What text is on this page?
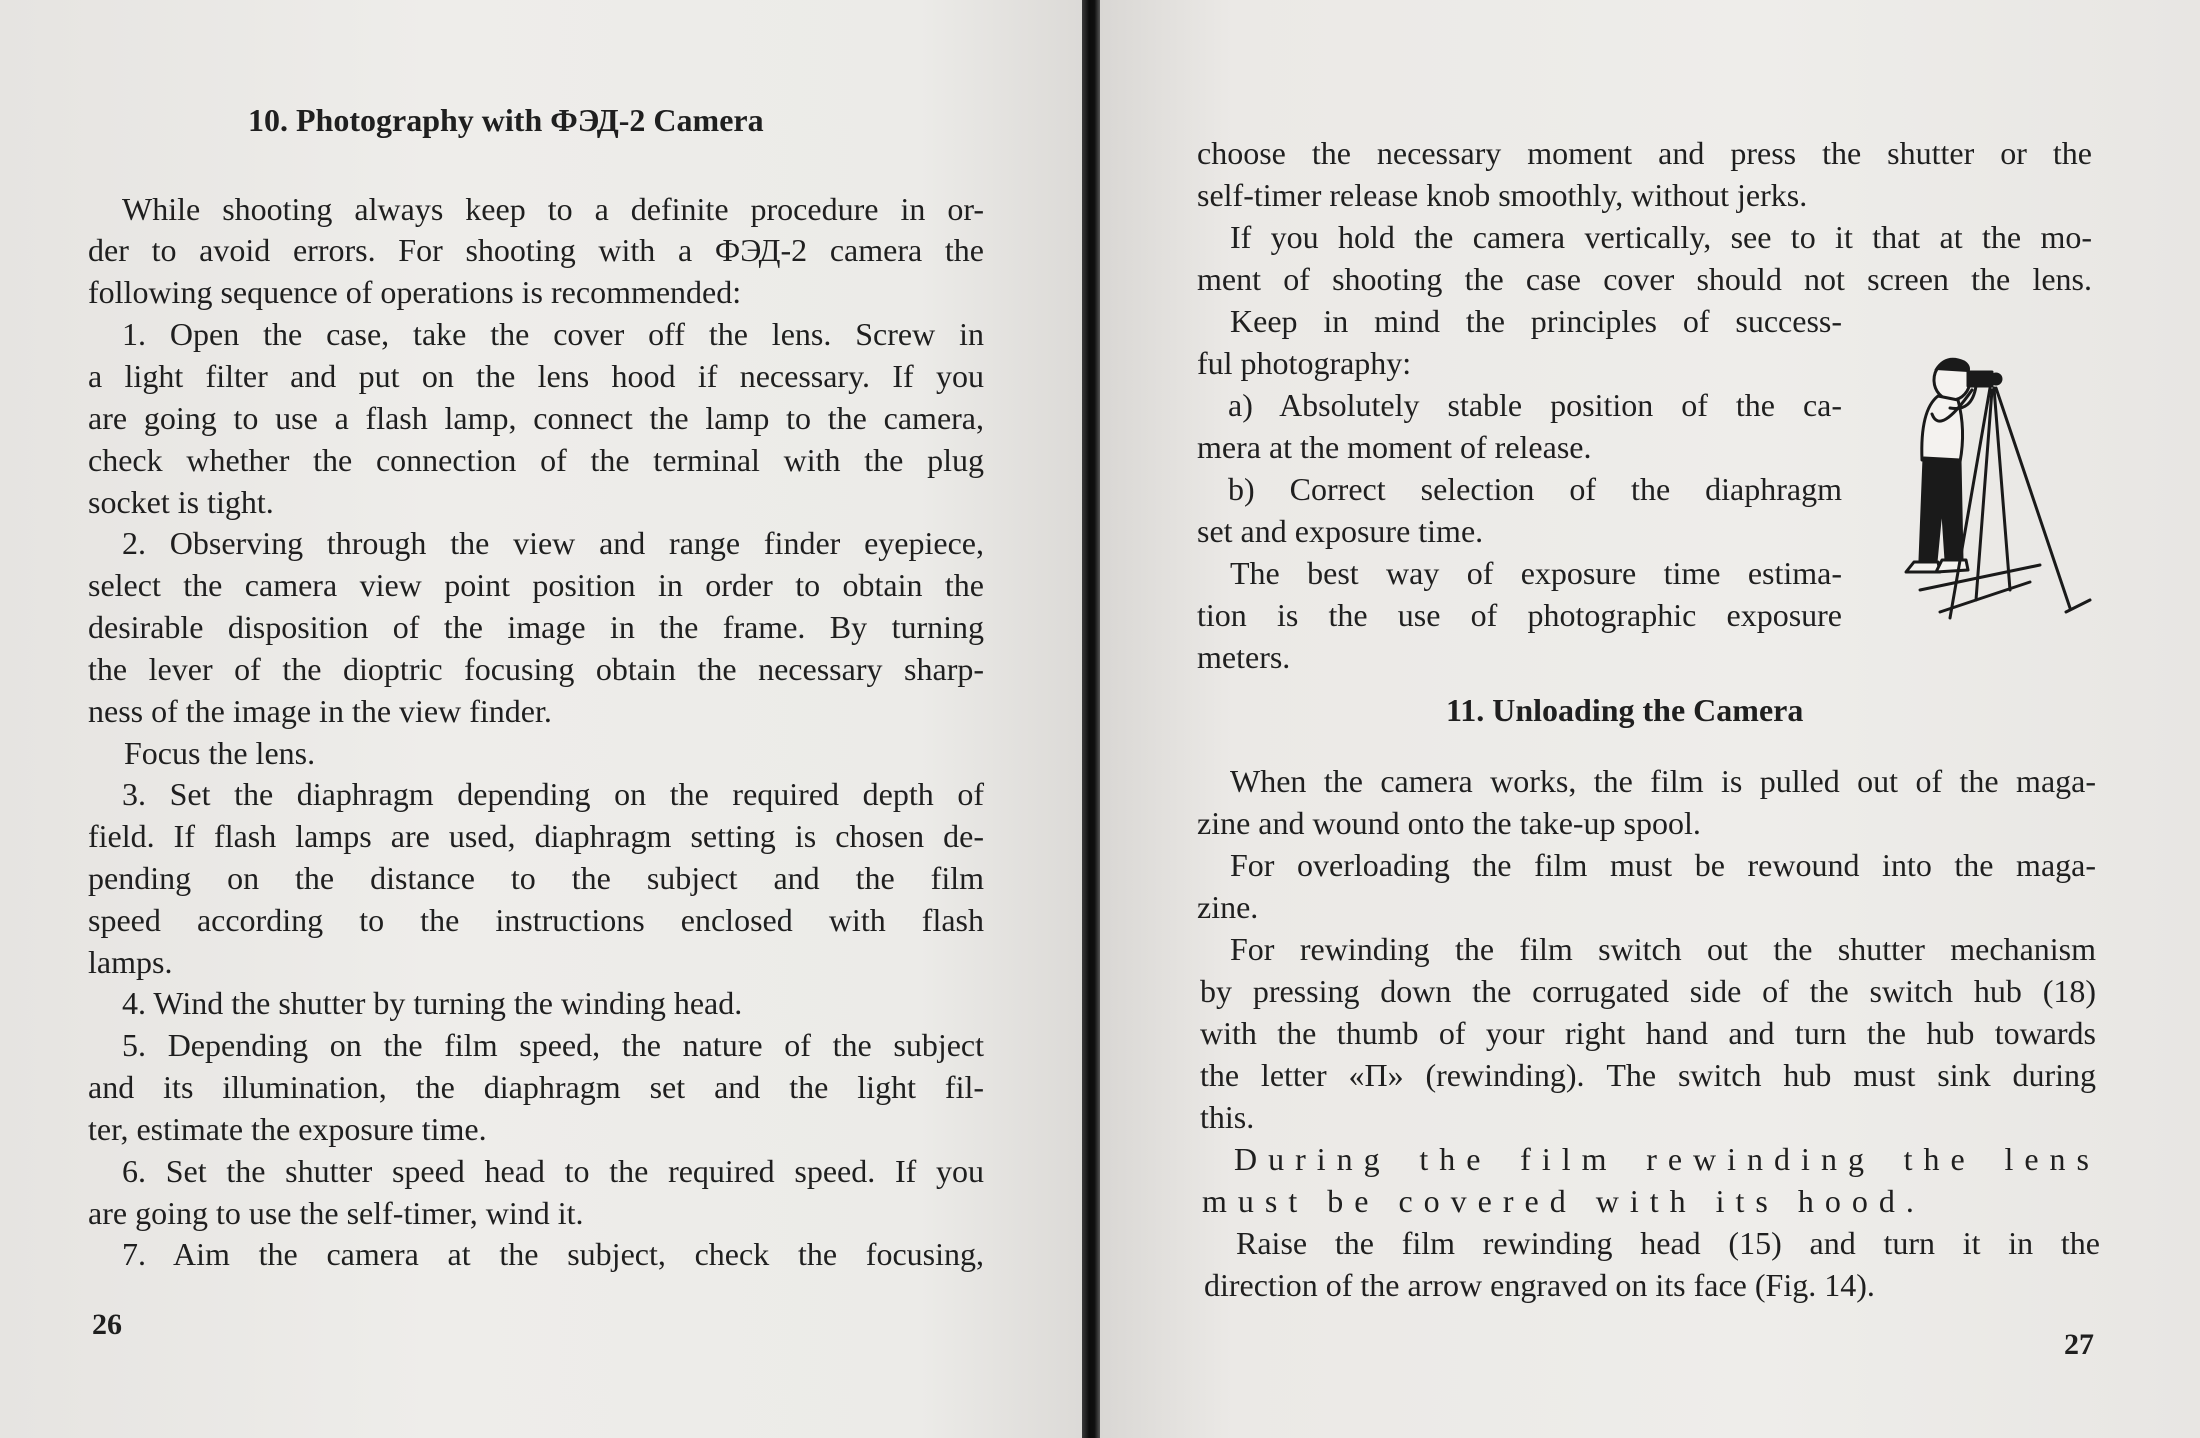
10. Photography with ФЭД-2 Camera
While shooting always keep to a definite procedure in or-
der to avoid errors. For shooting with a ФЭД-2 camera the
following sequence of operations is recommended:
1. Open the case, take the cover off the lens. Screw in
a light filter and put on the lens hood if necessary. If you
are going to use a flash lamp, connect the lamp to the camera,
check whether the connection of the terminal with the plug
socket is tight.
2. Observing through the view and range finder eyepiece,
select the camera view point position in order to obtain the
desirable disposition of the image in the frame. By turning
the lever of the dioptric focusing obtain the necessary sharp-
ness of the image in the view finder.
Focus the lens.
3. Set the diaphragm depending on the required depth of
field. If flash lamps are used, diaphragm setting is chosen de-
pending on the distance to the subject and the film
speed according to the instructions enclosed with flash
lamps.
4. Wind the shutter by turning the winding head.
5. Depending on the film speed, the nature of the subject
and its illumination, the diaphragm set and the light fil-
ter, estimate the exposure time.
6. Set the shutter speed head to the required speed. If you
are going to use the self-timer, wind it.
7. Aim the camera at the subject, check the focusing,
26
choose the necessary moment and press the shutter or the
self-timer release knob smoothly, without jerks.
If you hold the camera vertically, see to it that at the mo-
ment of shooting the case cover should not screen the lens.
Keep in mind the principles of success-
ful photography:
a) Absolutely stable position of the ca-
mera at the moment of release.
b) Correct selection of the diaphragm
set and exposure time.
The best way of exposure time estima-
tion is the use of photographic exposure
meters.
11. Unloading the Camera
When the camera works, the film is pulled out of the maga-
zine and wound onto the take-up spool.
For overloading the film must be rewound into the maga-
zine.
For rewinding the film switch out the shutter mechanism
by pressing down the corrugated side of the switch hub (18)
with the thumb of your right hand and turn the hub towards
the letter «П» (rewinding). The switch hub must sink during
this.
During the film rewinding the lens
must be covered with its hood.
Raise the film rewinding head (15) and turn it in the
direction of the arrow engraved on its face (Fig. 14).
27
